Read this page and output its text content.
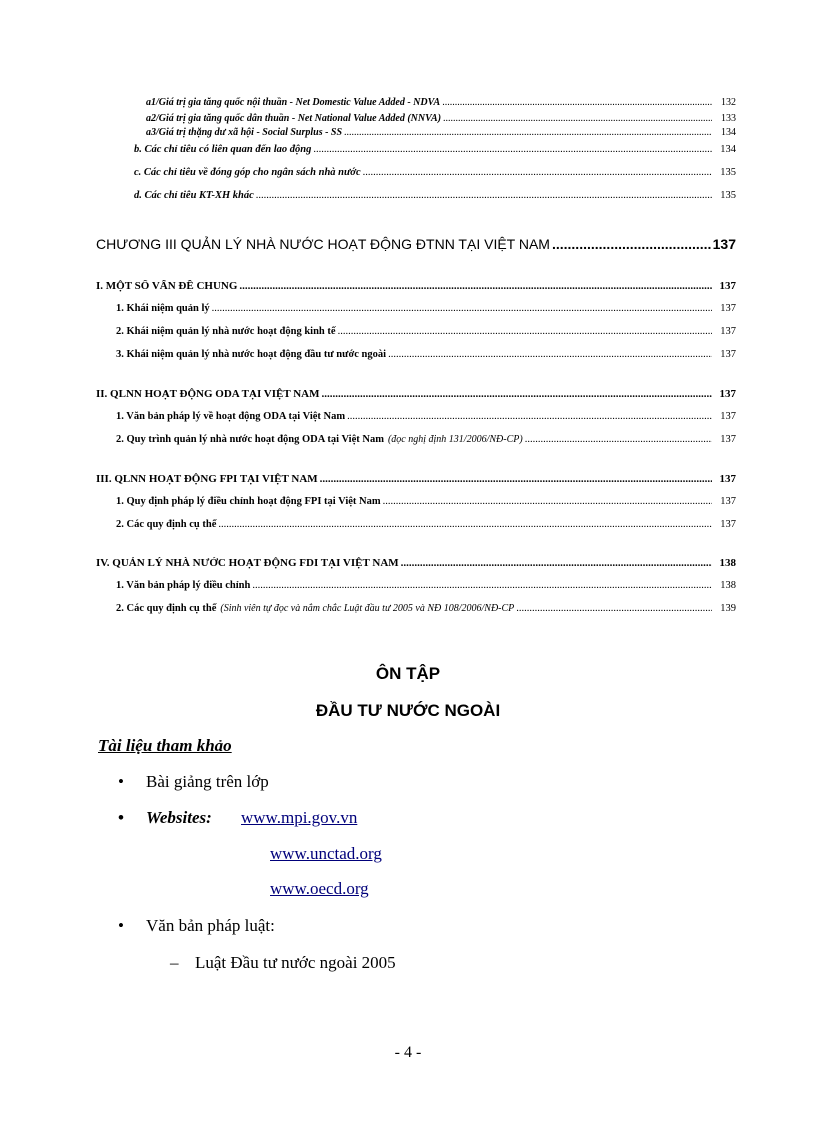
a1/Giá trị gia tăng quốc nội thuần - Net Domestic Value Added - NDVA .....	132
a2/Giá trị gia tăng quốc dân thuần - Net National Value Added (NNVA) .....	133
a3/Giá trị thặng dư xã hội - Social Surplus - SS .....	134
b. Các chỉ tiêu có liên quan đến lao động .....	134
c. Các chỉ tiêu về đóng góp cho ngân sách nhà nước .....	135
d. Các chỉ tiêu KT-XH khác .....	135
CHƯƠNG III QUẢN LÝ NHÀ NƯỚC HOẠT ĐỘNG ĐTNN TẠI VIỆT NAM .....	137
I. MỘT SỐ VẤN ĐỀ CHUNG .....	137
1. Khái niệm quản lý .....	137
2. Khái niệm quản lý nhà nước hoạt động kinh tế .....	137
3. Khái niệm quản lý nhà nước hoạt động đầu tư nước ngoài .....	137
II. QLNN HOẠT ĐỘNG ODA TẠI VIỆT NAM .....	137
1. Văn bản pháp lý về hoạt động ODA tại Việt Nam .....	137
2. Quy trình quản lý nhà nước hoạt động ODA tại Việt Nam (đọc nghị định 131/2006/NĐ-CP) .....	137
III. QLNN HOẠT ĐỘNG FPI TẠI VIỆT NAM .....	137
1. Quy định pháp lý điều chỉnh hoạt động FPI tại Việt Nam .....	137
2. Các quy định cụ thể .....	137
IV. QUẢN LÝ NHÀ NƯỚC HOẠT ĐỘNG FDI TẠI VIỆT NAM .....	138
1. Văn bản pháp lý điều chỉnh .....	138
2. Các quy định cụ thể (Sinh viên tự đọc và nắm chắc Luật đầu tư 2005 và NĐ 108/2006/NĐ-CP .....	139
ÔN TẬP
ĐẦU TƯ NƯỚC NGOÀI
Tài liệu tham khảo
• Bài giảng trên lớp
• Websites: www.mpi.gov.vn
www.unctad.org
www.oecd.org
• Văn bản pháp luật:
– Luật Đầu tư nước ngoài 2005
- 4 -
